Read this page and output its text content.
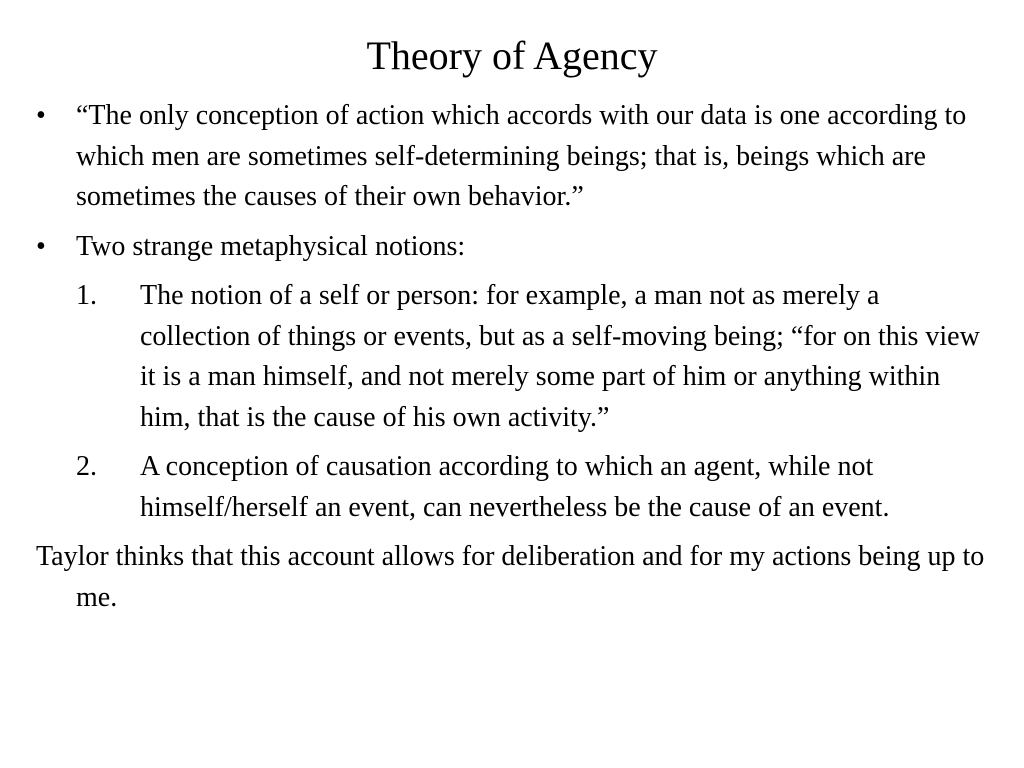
Theory of Agency
• “The only conception of action which accords with our data is one according to which men are sometimes self-determining beings; that is, beings which are sometimes the causes of their own behavior.”
• Two strange metaphysical notions:
1. The notion of a self or person: for example, a man not as merely a collection of things or events, but as a self-moving being; “for on this view it is a man himself, and not merely some part of him or anything within him, that is the cause of his own activity.”
2. A conception of causation according to which an agent, while not himself/herself an event, can nevertheless be the cause of an event.
Taylor thinks that this account allows for deliberation and for my actions being up to me.
